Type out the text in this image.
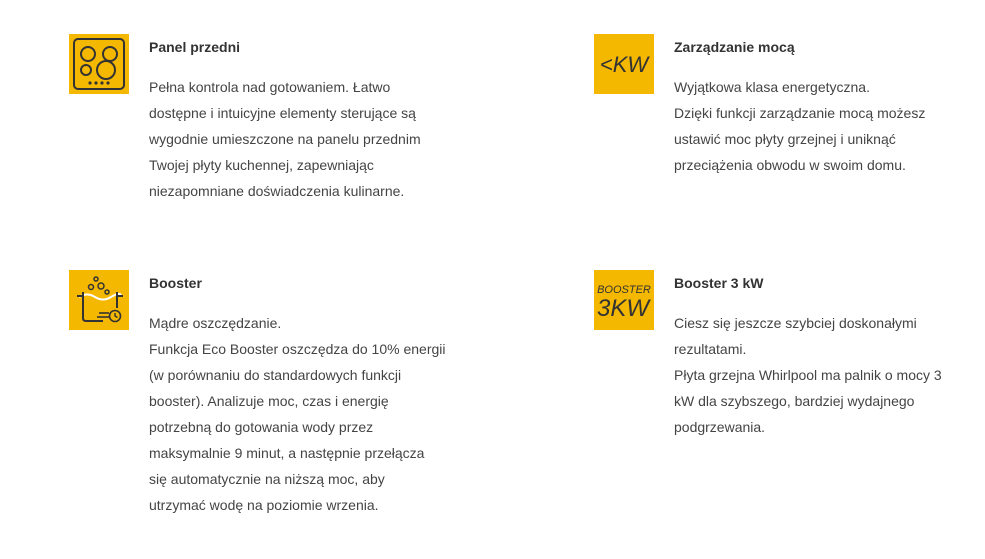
Panel przedni
Pełna kontrola nad gotowaniem. Łatwo
dostępne i intuicyjne elementy sterujące są
wygodnie umieszczone na panelu przednim
Twojej płyty kuchennej, zapewniając
niezapomniane doświadczenia kulinarne.
<KW
Zarządzanie mocą
Wyjątkowa klasa energetyczna.
Dzięki funkcji zarządzanie mocą możesz
ustawić moc płyty grzejnej i uniknąć
przeciążenia obwodu w swoim domu.
Booster
Mądre oszczędzanie.
Funkcja Eco Booster oszczędza do 10% energii
(w porównaniu do standardowych funkcji
booster). Analizuje moc, czas i energię
potrzebną do gotowania wody przez
maksymalnie 9 minut, a następnie przełącza
się automatycznie na niższą moc, aby
utrzymać wodę na poziomie wrzenia.
BOOSTER
3KW
Booster 3 kW
Ciesz się jeszcze szybciej doskonałymi
rezultatami.
Płyta grzejna Whirlpool ma palnik o mocy 3
kW dla szybszego, bardziej wydajnego
podgrzewania.
